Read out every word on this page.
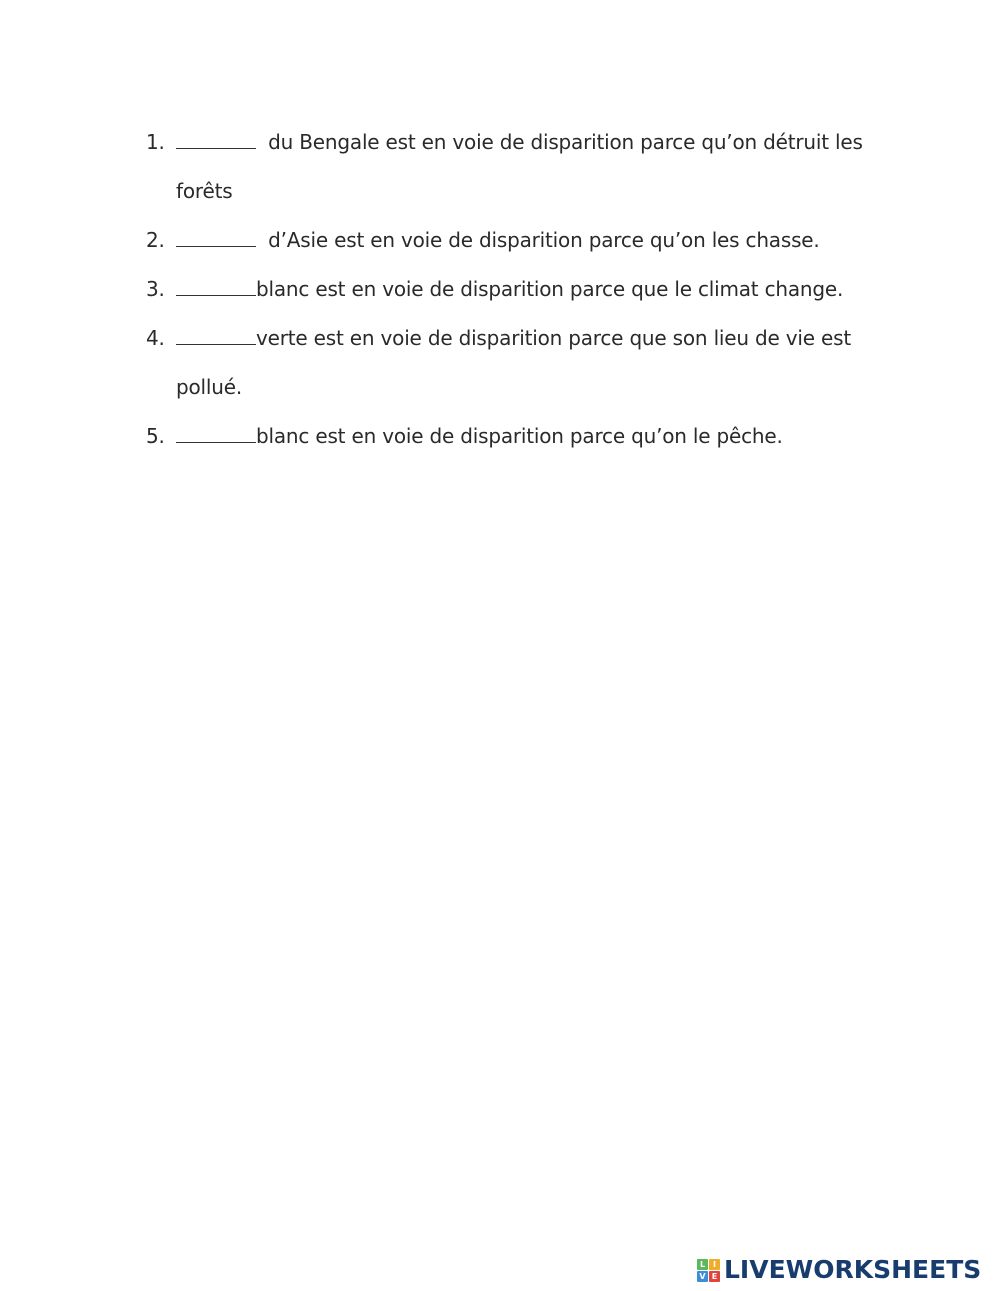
1.	du Bengale est en voie de disparition parce qu’on détruit les forêts
2.	d’Asie est en voie de disparition parce qu’on les chasse.
3.	blanc est en voie de disparition parce que le climat change.
4.	verte est en voie de disparition parce que son lieu de vie est pollué.
5.	blanc est en voie de disparition parce qu’on le pêche.
L I
V E LIVEWORKSHEETS
